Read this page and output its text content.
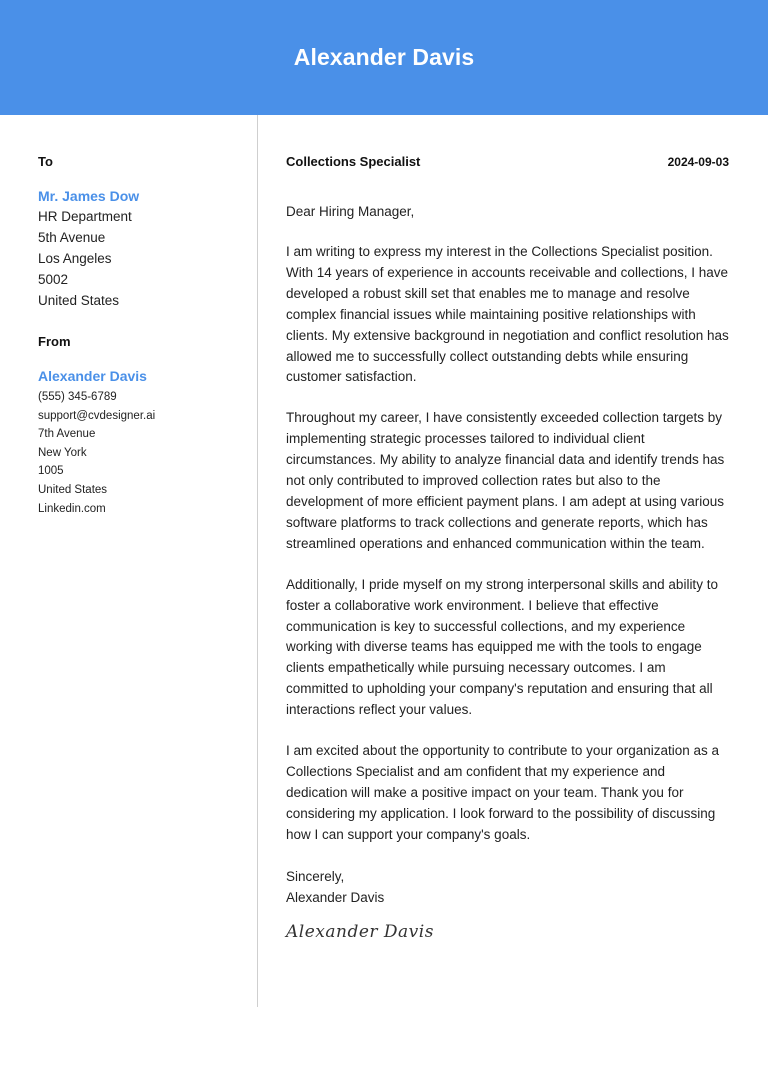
Alexander Davis
To
Mr. James Dow
HR Department
5th Avenue
Los Angeles
5002
United States
From
Alexander Davis
(555) 345-6789
support@cvdesigner.ai
7th Avenue
New York
1005
United States
Linkedin.com
Collections Specialist	2024-09-03
Dear Hiring Manager,

I am writing to express my interest in the Collections Specialist position. With 14 years of experience in accounts receivable and collections, I have developed a robust skill set that enables me to manage and resolve complex financial issues while maintaining positive relationships with clients. My extensive background in negotiation and conflict resolution has allowed me to successfully collect outstanding debts while ensuring customer satisfaction.

Throughout my career, I have consistently exceeded collection targets by implementing strategic processes tailored to individual client circumstances. My ability to analyze financial data and identify trends has not only contributed to improved collection rates but also to the development of more efficient payment plans. I am adept at using various software platforms to track collections and generate reports, which has streamlined operations and enhanced communication within the team.

Additionally, I pride myself on my strong interpersonal skills and ability to foster a collaborative work environment. I believe that effective communication is key to successful collections, and my experience working with diverse teams has equipped me with the tools to engage clients empathetically while pursuing necessary outcomes. I am committed to upholding your company's reputation and ensuring that all interactions reflect your values.

I am excited about the opportunity to contribute to your organization as a Collections Specialist and am confident that my experience and dedication will make a positive impact on your team. Thank you for considering my application. I look forward to the possibility of discussing how I can support your company's goals.

Sincerely,
Alexander Davis
Alexander Davis
